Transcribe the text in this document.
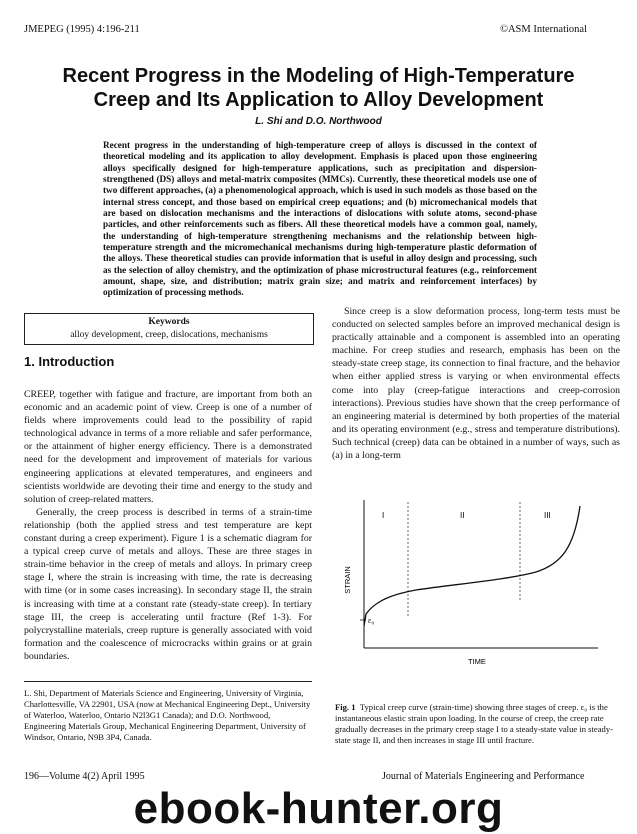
JMEPEG (1995) 4:196-211	©ASM International
Recent Progress in the Modeling of High-Temperature
Creep and Its Application to Alloy Development
L. Shi and D.O. Northwood
Recent progress in the understanding of high-temperature creep of alloys is discussed in the context of theoretical modeling and its application to alloy development. Emphasis is placed upon those engineering alloys specifically designed for high-temperature applications, such as precipitation and dispersion-strengthened (DS) alloys and metal-matrix composites (MMCs). Currently, these theoretical models use one of two different approaches, (a) a phenomenological approach, which is used in such models as those based on the internal stress concept, and those based on empirical creep equations; and (b) micromechanical models that are based on dislocation mechanisms and the interactions of dislocations with solute atoms, second-phase particles, and other reinforcements such as fibers. All these theoretical models have a common goal, namely, the understanding of high-temperature strengthening mechanisms and the relationship between high-temperature strength and the micromechanical mechanisms during high-temperature plastic deformation of the alloys. These theoretical studies can provide information that is useful in alloy design and processing, such as the selection of alloy chemistry, and the optimization of phase microstructural features (e.g., reinforcement amount, shape, size, and distribution; matrix grain size; and matrix and reinforcement interfaces) by optimization of processing methods.
Keywords
alloy development, creep, dislocations, mechanisms
1. Introduction

CREEP, together with fatigue and fracture, are important from both an economic and an academic point of view. Creep is one of a number of fields where improvements could lead to the possibility of rapid technological advance in terms of a more reliable and safer performance, or the attainment of higher energy efficiency. There is a demonstrated need for the development and improvement of materials for various engineering applications at elevated temperatures, and engineers and scientists worldwide are devoting their time and energy to the study and solution of creep-related matters.

Generally, the creep process is described in terms of a strain-time relationship (both the applied stress and test temperature are kept constant during a creep experiment). Figure 1 is a schematic diagram for a typical creep curve of metals and alloys. These are three stages in strain-time behavior in the creep of metals and alloys. In primary creep stage I, where the strain is increasing with time, the rate is decreasing with time (or in some cases increasing). In secondary stage II, the strain is increasing with time at a constant rate (steady-state creep). In tertiary stage III, the creep is accelerating until fracture (Ref 1-3). For polycrystalline materials, creep rupture is generally associated with void formation and the coalescence of microcracks within grains or at grain boundaries.

Since creep is a slow deformation process, long-term tests must be conducted on selected samples before an improved mechanical design is practically attainable and a component is assembled into an operating machine. For creep studies and research, emphasis has been on the steady-state creep stage, its connection to final fracture, and the behavior when either applied stress is varying or when environmental effects come into play (creep-fatigue interactions and creep-corrosion interactions). Previous studies have shown that the creep performance of an engineering material is determined by both properties of the material and its operating environment (e.g., stress and temperature distributions). Such technical (creep) data can be obtained in a number of ways, such as (a) in a long-term

I	II	III
STRAIN
ε₀
TIME
Fig. 1 Typical creep curve (strain-time) showing three stages of creep. ε₀ is the instantaneous elastic strain upon loading. In the course of creep, the creep rate gradually decreases in the primary creep stage I to a steady-state value in steady-state stage II, and then increases in stage III until fracture.
L. Shi, Department of Materials Science and Engineering, University of Virginia, Charlottesville, VA 22901, USA (now at Mechanical Engineering Dept., University of Waterloo, Waterloo, Ontario N2l3G1 Canada); and D.O. Northwood, Engineering Materials Group, Mechanical Engineering Department, University of Windsor, Ontario, N9B 3P4, Canada.
196—Volume 4(2) April 1995	Journal of Materials Engineering and Performance
ebook-hunter.org
